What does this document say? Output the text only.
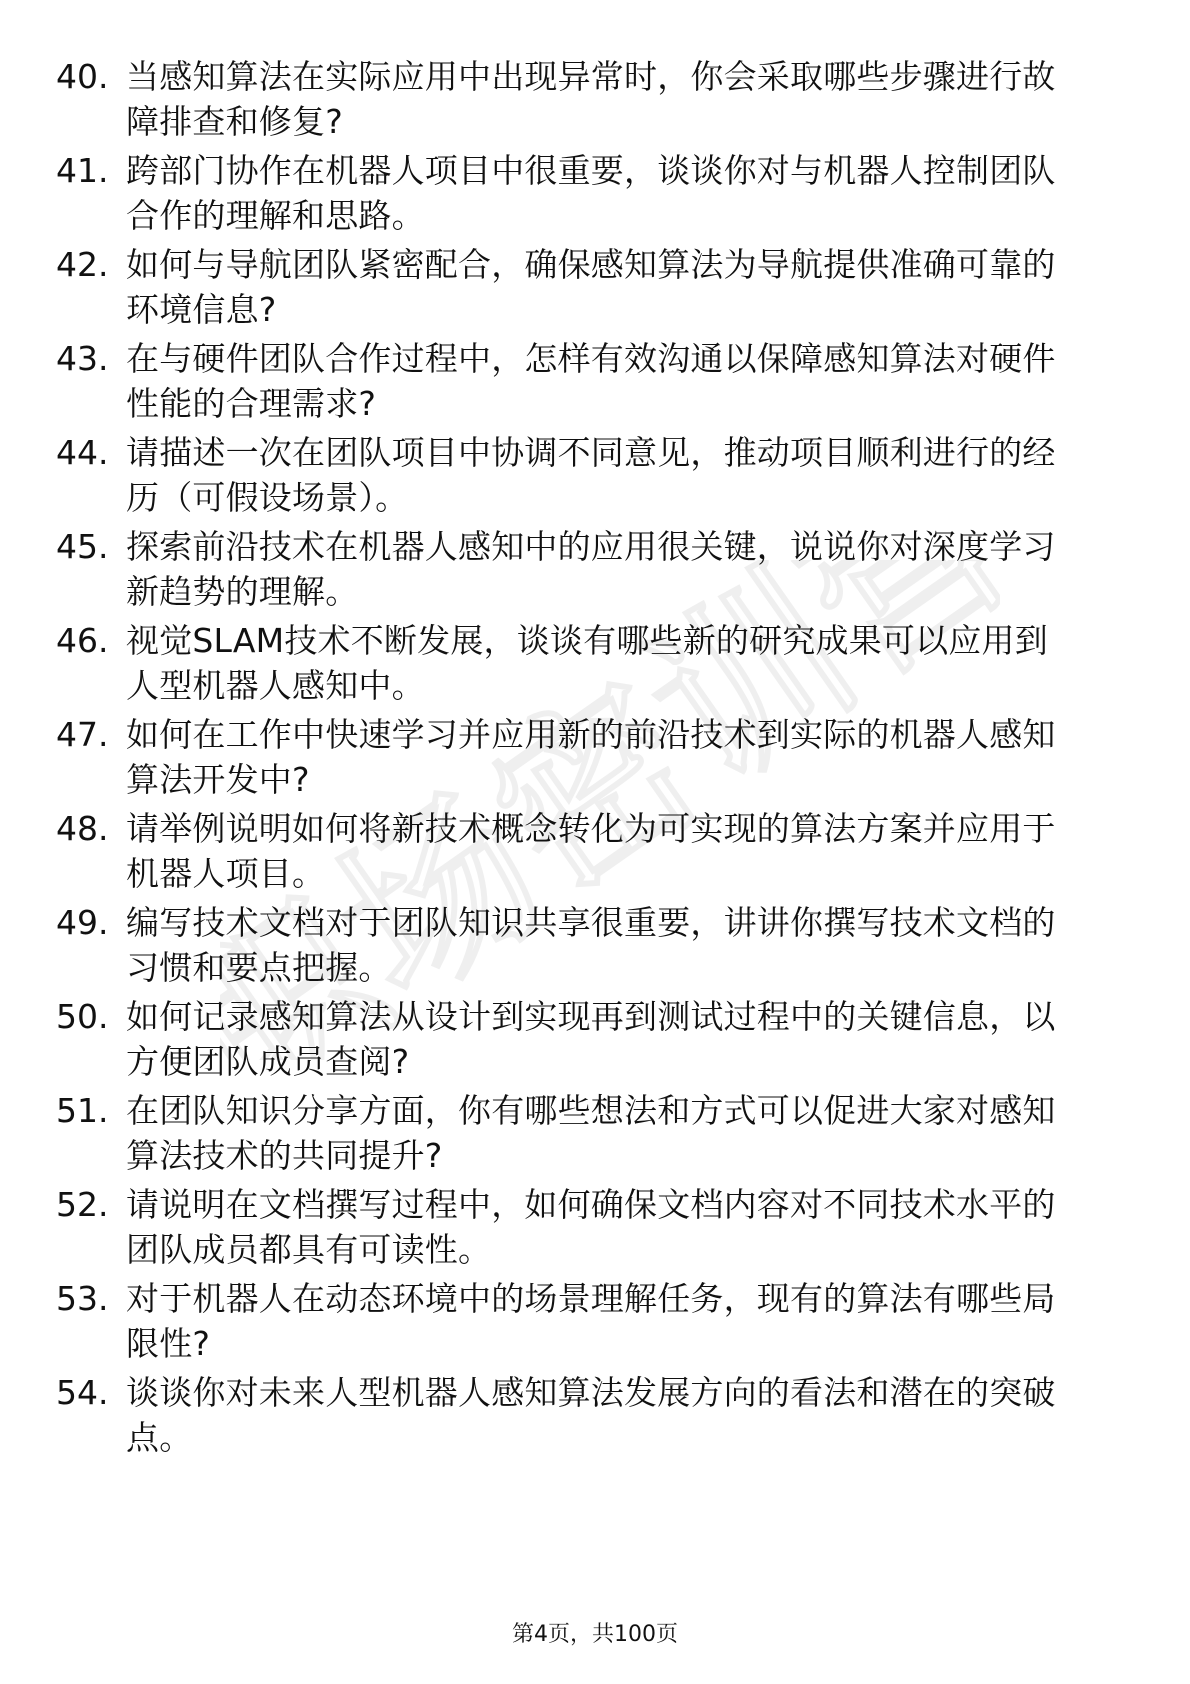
职场密训营
40. 当感知算法在实际应用中出现异常时，你会采取哪些步骤进行故
障排查和修复?
41. 跨部门协作在机器人项目中很重要，谈谈你对与机器人控制团队
合作的理解和思路。
42. 如何与导航团队紧密配合，确保感知算法为导航提供准确可靠的
环境信息?
43. 在与硬件团队合作过程中，怎样有效沟通以保障感知算法对硬件
性能的合理需求?
44. 请描述一次在团队项目中协调不同意见，推动项目顺利进行的经
历（可假设场景）。
45. 探索前沿技术在机器人感知中的应用很关键，说说你对深度学习
新趋势的理解。
46. 视觉SLAM技术不断发展，谈谈有哪些新的研究成果可以应用到
人型机器人感知中。
47. 如何在工作中快速学习并应用新的前沿技术到实际的机器人感知
算法开发中?
48. 请举例说明如何将新技术概念转化为可实现的算法方案并应用于
机器人项目。
49. 编写技术文档对于团队知识共享很重要，讲讲你撰写技术文档的
习惯和要点把握。
50. 如何记录感知算法从设计到实现再到测试过程中的关键信息，以
方便团队成员查阅?
51. 在团队知识分享方面，你有哪些想法和方式可以促进大家对感知
算法技术的共同提升?
52. 请说明在文档撰写过程中，如何确保文档内容对不同技术水平的
团队成员都具有可读性。
53. 对于机器人在动态环境中的场景理解任务，现有的算法有哪些局
限性?
54. 谈谈你对未来人型机器人感知算法发展方向的看法和潜在的突破
点。
第4页，共100页
